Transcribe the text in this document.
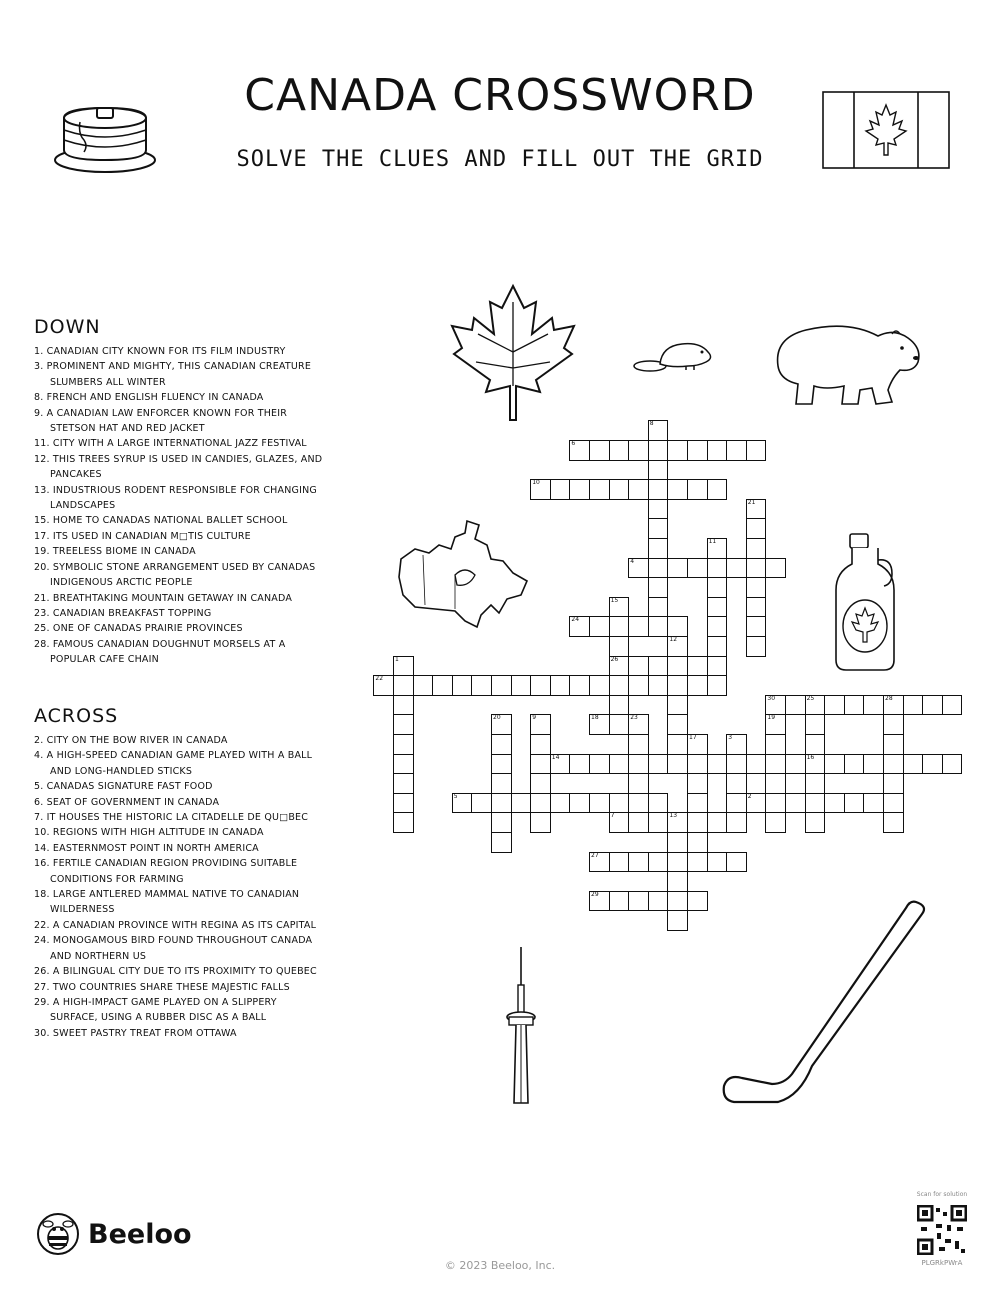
CANADA CROSSWORD
SOLVE THE CLUES AND FILL OUT THE GRID
DOWN
1. CANADIAN CITY KNOWN FOR ITS FILM INDUSTRY
3. PROMINENT AND MIGHTY, THIS CANADIAN CREATURE SLUMBERS ALL WINTER
8. FRENCH AND ENGLISH FLUENCY IN CANADA
9. A CANADIAN LAW ENFORCER KNOWN FOR THEIR STETSON HAT AND RED JACKET
11. CITY WITH A LARGE INTERNATIONAL JAZZ FESTIVAL
12. THIS TREES SYRUP IS USED IN CANDIES, GLAZES, AND PANCAKES
13. INDUSTRIOUS RODENT RESPONSIBLE FOR CHANGING LANDSCAPES
15. HOME TO CANADAS NATIONAL BALLET SCHOOL
17. ITS USED IN CANADIAN M□TIS CULTURE
19. TREELESS BIOME IN CANADA
20. SYMBOLIC STONE ARRANGEMENT USED BY CANADAS INDIGENOUS ARCTIC PEOPLE
21. BREATHTAKING MOUNTAIN GETAWAY IN CANADA
23. CANADIAN BREAKFAST TOPPING
25. ONE OF CANADAS PRAIRIE PROVINCES
28. FAMOUS CANADIAN DOUGHNUT MORSELS AT A POPULAR CAFE CHAIN
ACROSS
2. CITY ON THE BOW RIVER IN CANADA
4. A HIGH-SPEED CANADIAN GAME PLAYED WITH A BALL AND LONG-HANDLED STICKS
5. CANADAS SIGNATURE FAST FOOD
6. SEAT OF GOVERNMENT IN CANADA
7. IT HOUSES THE HISTORIC LA CITADELLE DE QU□BEC
10. REGIONS WITH HIGH ALTITUDE IN CANADA
14. EASTERNMOST POINT IN NORTH AMERICA
16. FERTILE CANADIAN REGION PROVIDING SUITABLE CONDITIONS FOR FARMING
18. LARGE ANTLERED MAMMAL NATIVE TO CANADIAN WILDERNESS
22. A CANADIAN PROVINCE WITH REGINA AS ITS CAPITAL
24. MONOGAMOUS BIRD FOUND THROUGHOUT CANADA AND NORTHERN US
26. A BILINGUAL CITY DUE TO ITS PROXIMITY TO QUEBEC
27. TWO COUNTRIES SHARE THESE MAJESTIC FALLS
29. A HIGH-IMPACT GAME PLAYED ON A SLIPPERY SURFACE, USING A RUBBER DISC AS A BALL
30. SWEET PASTRY TREAT FROM OTTAWA
6
8
10
21
11
4
15
26
24
12
1
22
30	25	28
16
20	9	18	23	19
17	3
14
5	2
7	13
27
29
Beeloo
© 2023 Beeloo, Inc.
Scan for solution
PLGRkPWrA
